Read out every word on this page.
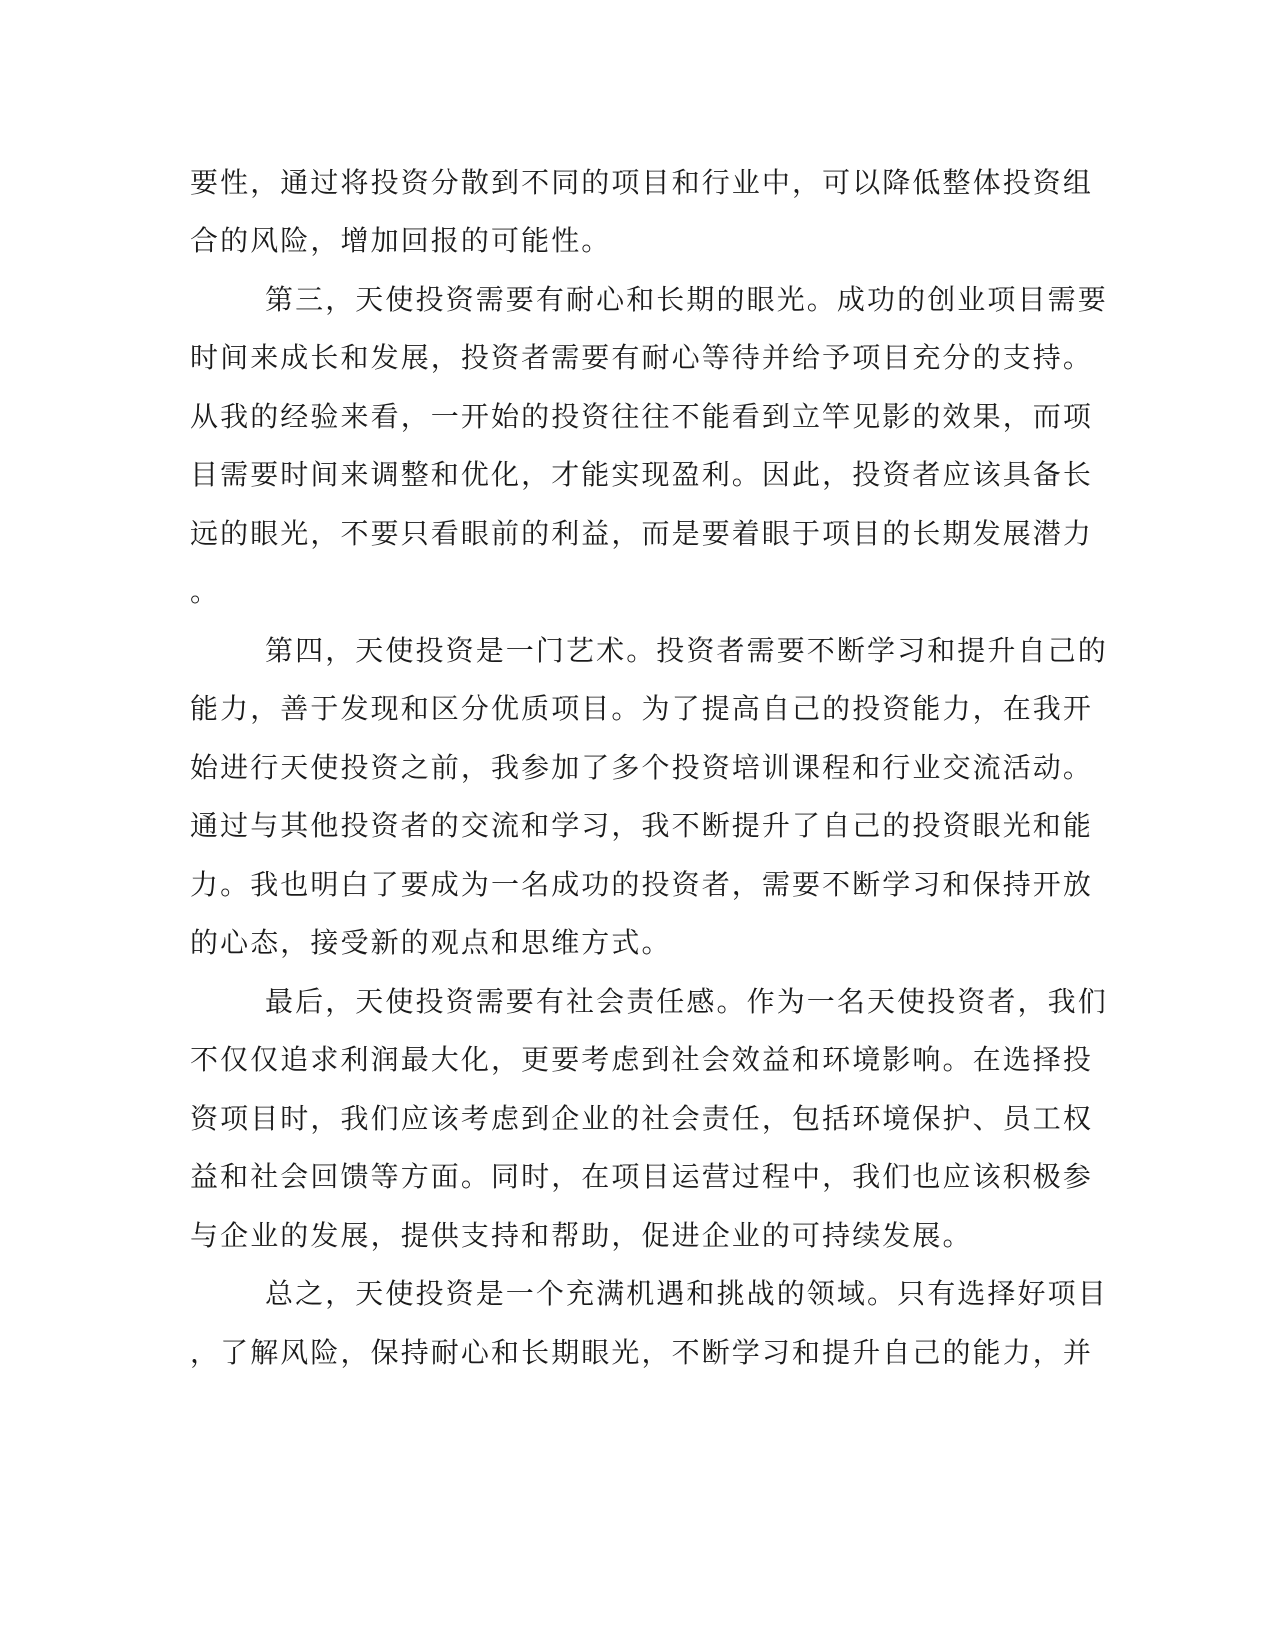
要性，通过将投资分散到不同的项目和行业中，可以降低整体投资组
合的风险，增加回报的可能性。
第三，天使投资需要有耐心和长期的眼光。成功的创业项目需要
时间来成长和发展，投资者需要有耐心等待并给予项目充分的支持。
从我的经验来看，一开始的投资往往不能看到立竿见影的效果，而项
目需要时间来调整和优化，才能实现盈利。因此，投资者应该具备长
远的眼光，不要只看眼前的利益，而是要着眼于项目的长期发展潜力
。
第四，天使投资是一门艺术。投资者需要不断学习和提升自己的
能力，善于发现和区分优质项目。为了提高自己的投资能力，在我开
始进行天使投资之前，我参加了多个投资培训课程和行业交流活动。
通过与其他投资者的交流和学习，我不断提升了自己的投资眼光和能
力。我也明白了要成为一名成功的投资者，需要不断学习和保持开放
的心态，接受新的观点和思维方式。
最后，天使投资需要有社会责任感。作为一名天使投资者，我们
不仅仅追求利润最大化，更要考虑到社会效益和环境影响。在选择投
资项目时，我们应该考虑到企业的社会责任，包括环境保护、员工权
益和社会回馈等方面。同时，在项目运营过程中，我们也应该积极参
与企业的发展，提供支持和帮助，促进企业的可持续发展。
总之，天使投资是一个充满机遇和挑战的领域。只有选择好项目
，了解风险，保持耐心和长期眼光，不断学习和提升自己的能力，并
